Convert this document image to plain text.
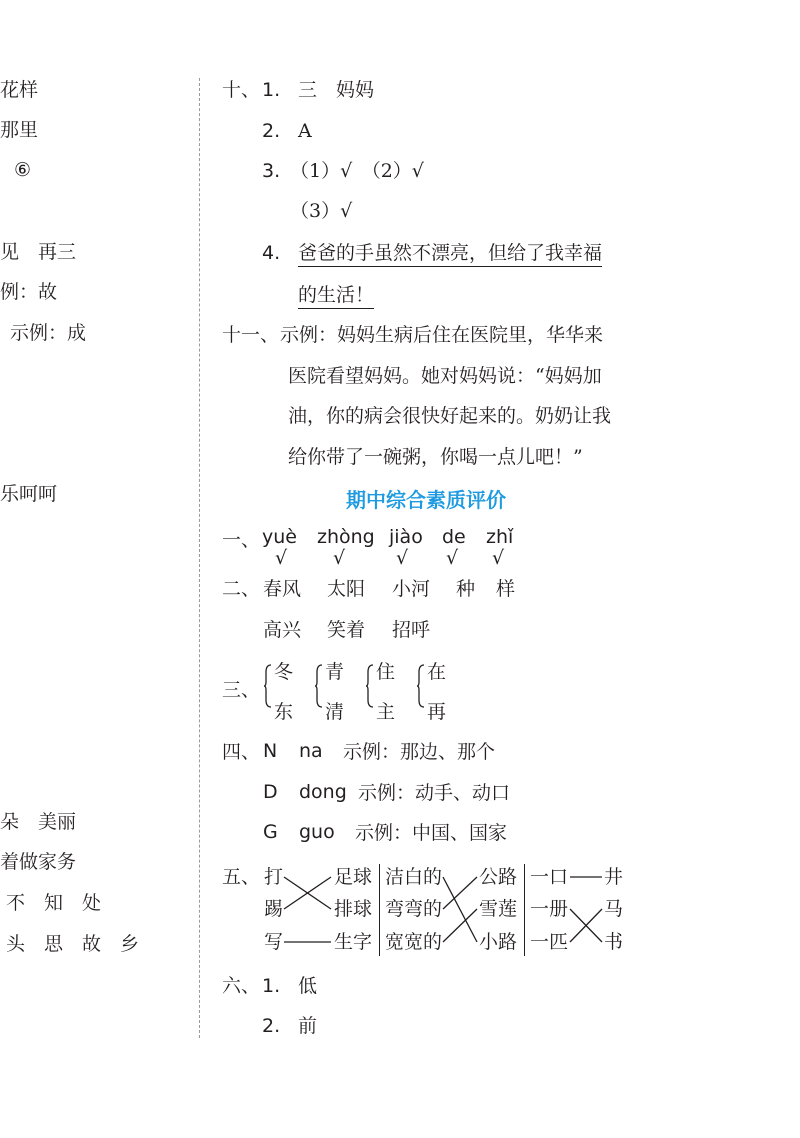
花样
那里
⑥
见　再三
例：故
示例：成
乐呵呵
朵　美丽
着做家务
不　知　处
头　思　故　乡
十、 1. 三　妈妈
2. A
3. （1）√　（2）√
（3）√
4. 爸爸的手虽然不漂亮，但给了我幸福
的生活！
十一、 示例：妈妈生病后住在医院里，华华来
医院看望妈妈。她对妈妈说：“妈妈加
油，你的病会很快好起来的。奶奶让我
给你带了一碗粥，你喝一点儿吧！”
期中综合素质评价
一、 yuè zhòng jiào de zhǐ
√ √	√ √ √
二、 春风 太阳 小河 种 样
高兴 笑着 招呼
三、
冬
东
青
清
住
主
在
再
四、 N na 示例：那边、那个
D dong 示例：动手、动口
G guo 示例：中国、国家
五、 打
踢
写
足球
排球
生字
洁白的
弯弯的
宽宽的
公路
雪莲
小路
一口
一册
一匹
井
马
书
六、 1. 低
2. 前
